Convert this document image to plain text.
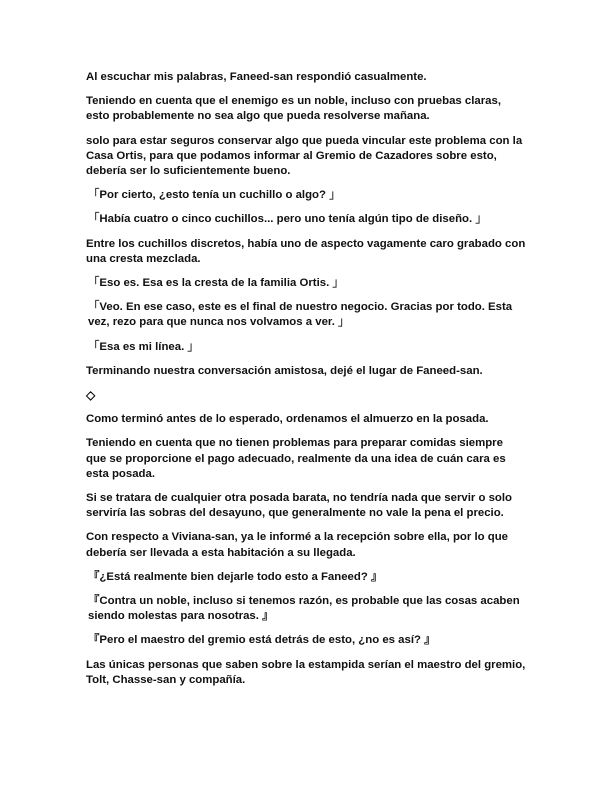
Al escuchar mis palabras, Faneed-san respondió casualmente.

Teniendo en cuenta que el enemigo es un noble, incluso con pruebas claras, esto probablemente no sea algo que pueda resolverse mañana.

solo para estar seguros conservar algo que pueda vincular este problema con la Casa Ortis, para que podamos informar al Gremio de Cazadores sobre esto, debería ser lo suficientemente bueno.

「Por cierto, ¿esto tenía un cuchillo o algo? 」

「Había cuatro o cinco cuchillos... pero uno tenía algún tipo de diseño. 」

Entre los cuchillos discretos, había uno de aspecto vagamente caro grabado con una cresta mezclada.

「Eso es. Esa es la cresta de la familia Ortis. 」

「Veo. En ese caso, este es el final de nuestro negocio. Gracias por todo. Esta vez, rezo para que nunca nos volvamos a ver. 」

「Esa es mi línea. 」

Terminando nuestra conversación amistosa, dejé el lugar de Faneed-san.

◇

Como terminó antes de lo esperado, ordenamos el almuerzo en la posada.

Teniendo en cuenta que no tienen problemas para preparar comidas siempre que se proporcione el pago adecuado, realmente da una idea de cuán cara es esta posada.

Si se tratara de cualquier otra posada barata, no tendría nada que servir o solo serviría las sobras del desayuno, que generalmente no vale la pena el precio.

Con respecto a Viviana-san, ya le informé a la recepción sobre ella, por lo que debería ser llevada a esta habitación a su llegada.

『¿Está realmente bien dejarle todo esto a Faneed? 』

『Contra un noble, incluso si tenemos razón, es probable que las cosas acaben siendo molestas para nosotras. 』

『Pero el maestro del gremio está detrás de esto, ¿no es así? 』

Las únicas personas que saben sobre la estampida serían el maestro del gremio, Tolt, Chasse-san y compañía.
